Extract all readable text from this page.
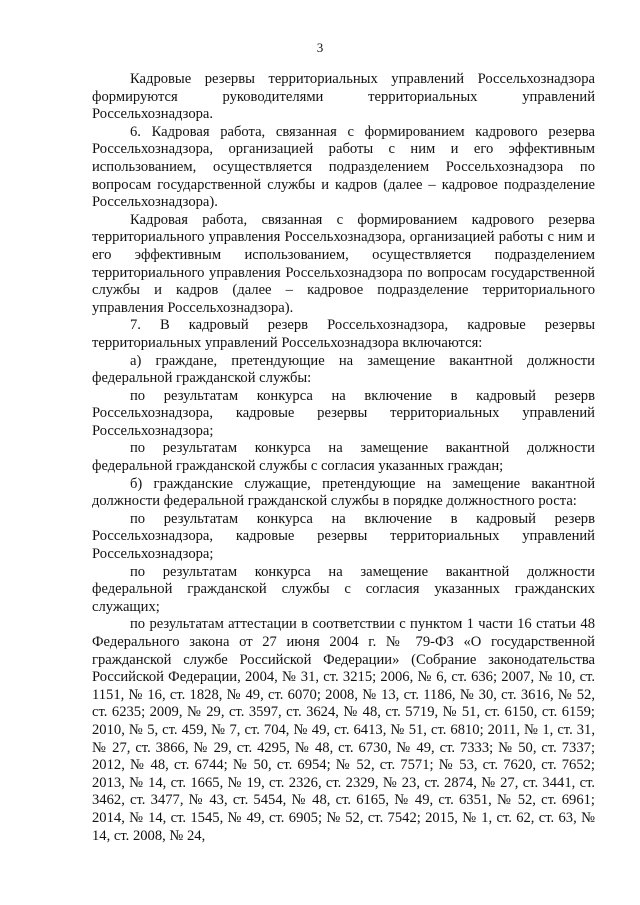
3

Кадровые резервы территориальных управлений Россельхознадзора формируются руководителями территориальных управлений Россельхознадзора.

6. Кадровая работа, связанная с формированием кадрового резерва Россельхознадзора, организацией работы с ним и его эффективным использованием, осуществляется подразделением Россельхознадзора по вопросам государственной службы и кадров (далее – кадровое подразделение Россельхознадзора).

Кадровая работа, связанная с формированием кадрового резерва территориального управления Россельхознадзора, организацией работы с ним и его эффективным использованием, осуществляется подразделением территориального управления Россельхознадзора по вопросам государственной службы и кадров (далее – кадровое подразделение территориального управления Россельхознадзора).

7. В кадровый резерв Россельхознадзора, кадровые резервы территориальных управлений Россельхознадзора включаются:

а) граждане, претендующие на замещение вакантной должности федеральной гражданской службы:

по результатам конкурса на включение в кадровый резерв Россельхознадзора, кадровые резервы территориальных управлений Россельхознадзора;

по результатам конкурса на замещение вакантной должности федеральной гражданской службы с согласия указанных граждан;

б) гражданские служащие, претендующие на замещение вакантной должности федеральной гражданской службы в порядке должностного роста:

по результатам конкурса на включение в кадровый резерв Россельхознадзора, кадровые резервы территориальных управлений Россельхознадзора;

по результатам конкурса на замещение вакантной должности федеральной гражданской службы с согласия указанных гражданских служащих;

по результатам аттестации в соответствии с пунктом 1 части 16 статьи 48 Федерального закона от 27 июня 2004 г. № 79-ФЗ «О государственной гражданской службе Российской Федерации» (Собрание законодательства Российской Федерации, 2004, № 31, ст. 3215; 2006, № 6, ст. 636; 2007, № 10, ст. 1151, № 16, ст. 1828, № 49, ст. 6070; 2008, № 13, ст. 1186, № 30, ст. 3616, № 52, ст. 6235; 2009, № 29, ст. 3597, ст. 3624, № 48, ст. 5719, № 51, ст. 6150, ст. 6159; 2010, № 5, ст. 459, № 7, ст. 704, № 49, ст. 6413, № 51, ст. 6810; 2011, № 1, ст. 31, № 27, ст. 3866, № 29, ст. 4295, № 48, ст. 6730, № 49, ст. 7333; № 50, ст. 7337; 2012, № 48, ст. 6744; № 50, ст. 6954; № 52, ст. 7571; № 53, ст. 7620, ст. 7652; 2013, № 14, ст. 1665, № 19, ст. 2326, ст. 2329, № 23, ст. 2874, № 27, ст. 3441, ст. 3462, ст. 3477, № 43, ст. 5454, № 48, ст. 6165, № 49, ст. 6351, № 52, ст. 6961; 2014, № 14, ст. 1545, № 49, ст. 6905; № 52, ст. 7542; 2015, № 1, ст. 62, ст. 63, № 14, ст. 2008, № 24,
